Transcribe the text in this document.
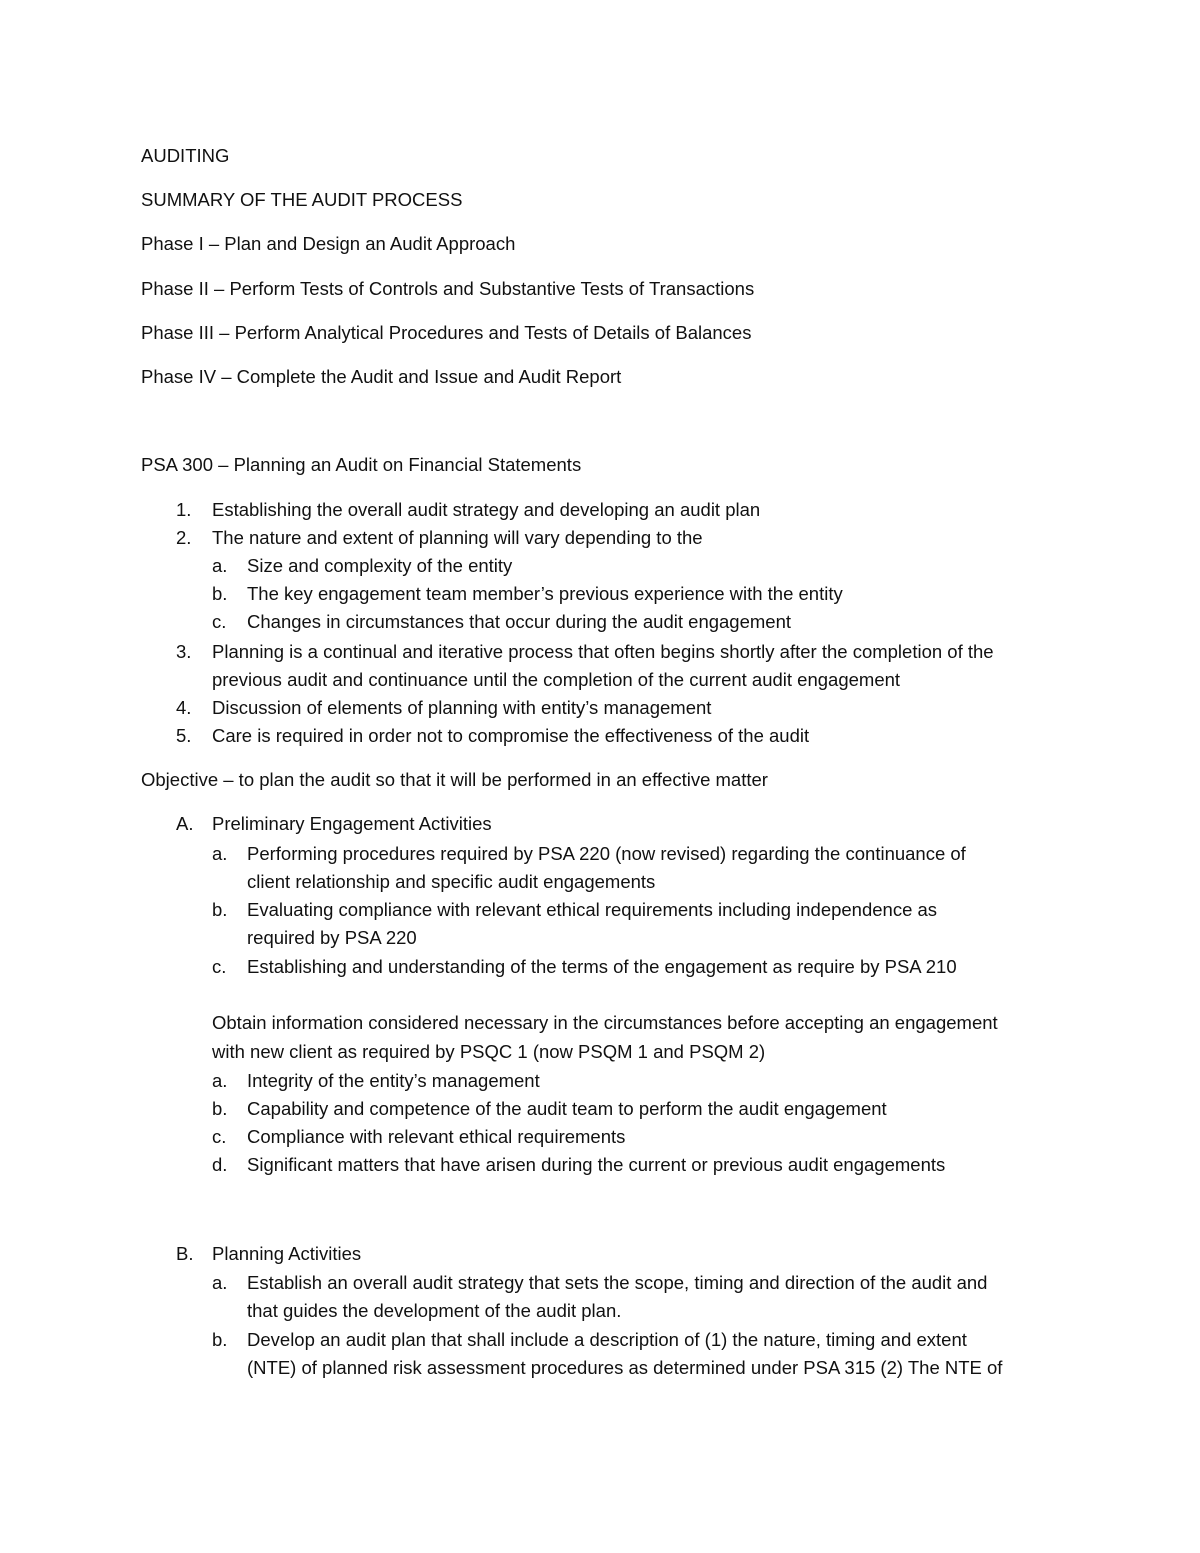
AUDITING
SUMMARY OF THE AUDIT PROCESS
Phase I – Plan and Design an Audit Approach
Phase II – Perform Tests of Controls and Substantive Tests of Transactions
Phase III – Perform Analytical Procedures and Tests of Details of Balances
Phase IV – Complete the Audit and Issue and Audit Report
PSA 300 – Planning an Audit on Financial Statements
1. Establishing the overall audit strategy and developing an audit plan
2. The nature and extent of planning will vary depending to the
a. Size and complexity of the entity
b. The key engagement team member’s previous experience with the entity
c. Changes in circumstances that occur during the audit engagement
3. Planning is a continual and iterative process that often begins shortly after the completion of the
previous audit and continuance until the completion of the current audit engagement
4. Discussion of elements of planning with entity’s management
5. Care is required in order not to compromise the effectiveness of the audit
Objective – to plan the audit so that it will be performed in an effective matter
A. Preliminary Engagement Activities
a. Performing procedures required by PSA 220 (now revised) regarding the continuance of
client relationship and specific audit engagements
b. Evaluating compliance with relevant ethical requirements including independence as
required by PSA 220
c. Establishing and understanding of the terms of the engagement as require by PSA 210
Obtain information considered necessary in the circumstances before accepting an engagement
with new client as required by PSQC 1 (now PSQM 1 and PSQM 2)
a. Integrity of the entity’s management
b. Capability and competence of the audit team to perform the audit engagement
c. Compliance with relevant ethical requirements
d. Significant matters that have arisen during the current or previous audit engagements
B. Planning Activities
a. Establish an overall audit strategy that sets the scope, timing and direction of the audit and
that guides the development of the audit plan.
b. Develop an audit plan that shall include a description of (1) the nature, timing and extent
(NTE) of planned risk assessment procedures as determined under PSA 315 (2) The NTE of
